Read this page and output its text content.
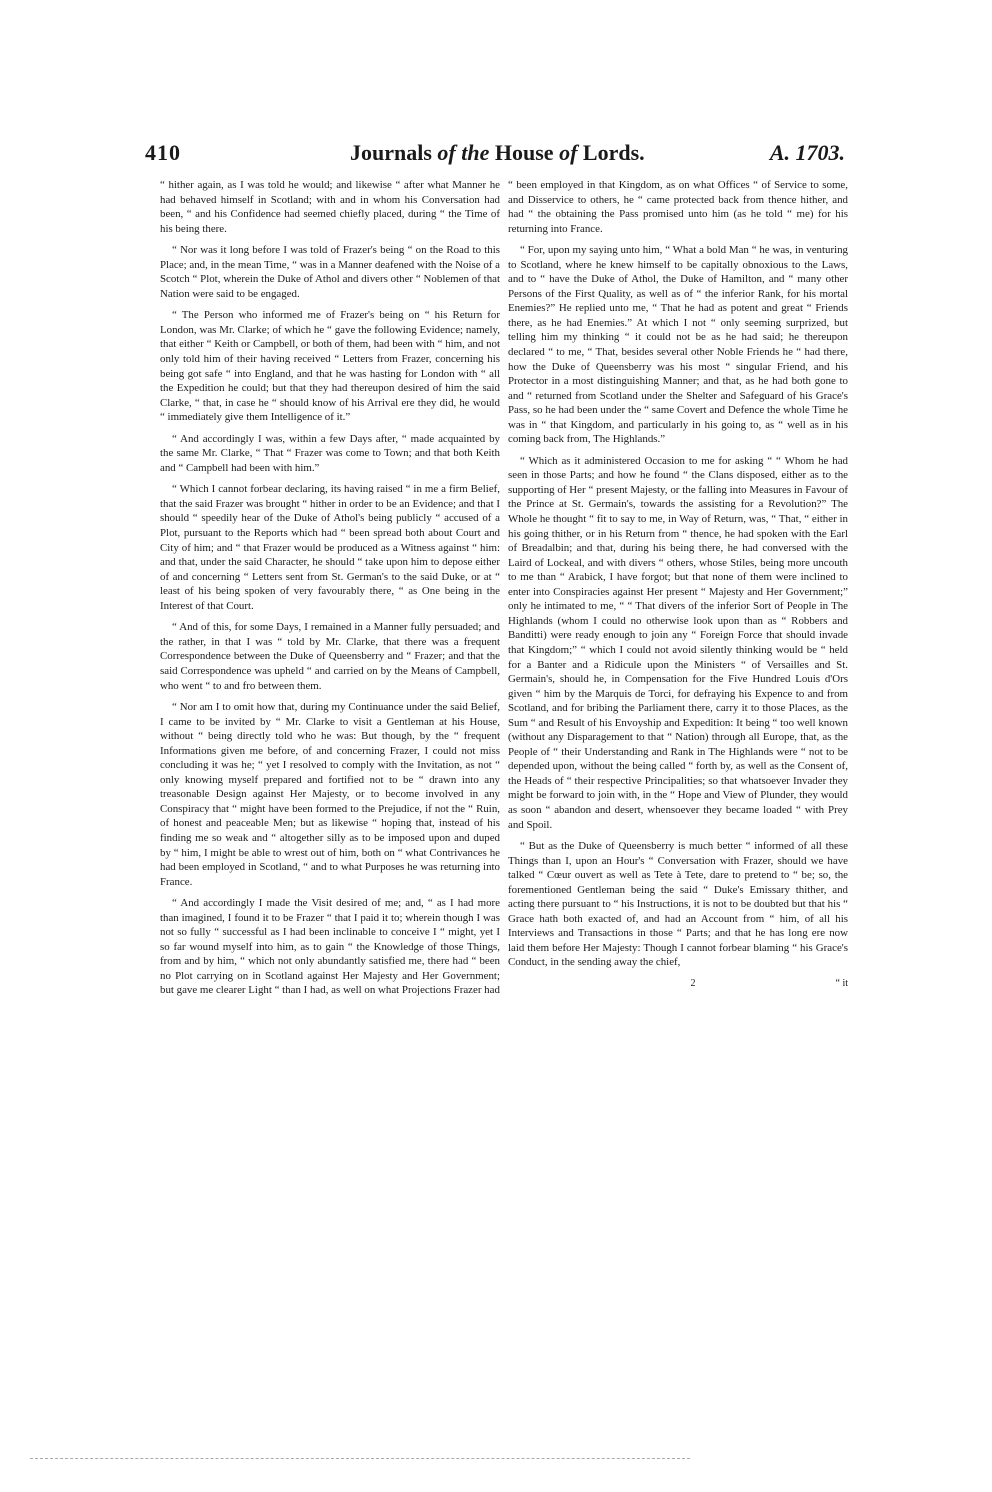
410	Journals of the House of Lords.	A. 1703.

“ hither again, as I was told he would; and likewise “ after what Manner he had behaved himself in Scotland; with and in whom his Conversation had been, “ and his Confidence had seemed chiefly placed, during “ the Time of his being there.

“ Nor was it long before I was told of Frazer's being “ on the Road to this Place; and, in the mean Time, “ was in a Manner deafened with the Noise of a Scotch “ Plot, wherein the Duke of Athol and divers other “ Noblemen of that Nation were said to be engaged.

“ The Person who informed me of Frazer's being on “ his Return for London, was Mr. Clarke; of which he “ gave the following Evidence; namely, that either “ Keith or Campbell, or both of them, had been with “ him, and not only told him of their having received “ Letters from Frazer, concerning his being got safe “ into England, and that he was hasting for London with “ all the Expedition he could; but that they had thereupon desired of him the said Clarke, “ that, in case he “ should know of his Arrival ere they did, he would “ immediately give them Intelligence of it.”

“ And accordingly I was, within a few Days after, “ made acquainted by the same Mr. Clarke, “ That “ Frazer was come to Town; and that both Keith and “ Campbell had been with him.”

“ Which I cannot forbear declaring, its having raised “ in me a firm Belief, that the said Frazer was brought “ hither in order to be an Evidence; and that I should “ speedily hear of the Duke of Athol's being publicly “ accused of a Plot, pursuant to the Reports which had “ been spread both about Court and City of him; and “ that Frazer would be produced as a Witness against “ him: and that, under the said Character, he should “ take upon him to depose either of and concerning “ Letters sent from St. German's to the said Duke, or at “ least of his being spoken of very favourably there, “ as One being in the Interest of that Court.

“ And of this, for some Days, I remained in a Manner fully persuaded; and the rather, in that I was “ told by Mr. Clarke, that there was a frequent Correspondence between the Duke of Queensberry and “ Frazer; and that the said Correspondence was upheld “ and carried on by the Means of Campbell, who went “ to and fro between them.

“ Nor am I to omit how that, during my Continuance under the said Belief, I came to be invited by “ Mr. Clarke to visit a Gentleman at his House, without “ being directly told who he was: But though, by the “ frequent Informations given me before, of and concerning Frazer, I could not miss concluding it was he; “ yet I resolved to comply with the Invitation, as not “ only knowing myself prepared and fortified not to be “ drawn into any treasonable Design against Her Majesty, or to become involved in any Conspiracy that “ might have been formed to the Prejudice, if not the “ Ruin, of honest and peaceable Men; but as likewise “ hoping that, instead of his finding me so weak and “ altogether silly as to be imposed upon and duped by “ him, I might be able to wrest out of him, both on “ what Contrivances he had been employed in Scotland, “ and to what Purposes he was returning into France.

“ And accordingly I made the Visit desired of me; and, “ as I had more than imagined, I found it to be Frazer “ that I paid it to; wherein though I was not so fully “ successful as I had been inclinable to conceive I “ might, yet I so far wound myself into him, as to gain “ the Knowledge of those Things, from and by him, “ which not only abundantly satisfied me, there had “ been no Plot carrying on in Scotland against Her Majesty and Her Government; but gave me clearer Light “ than I had, as well on what Projections Frazer had

“ been employed in that Kingdom, as on what Offices “ of Service to some, and Disservice to others, he “ came protected back from thence hither, and had “ the obtaining the Pass promised unto him (as he told “ me) for his returning into France.

“ For, upon my saying unto him, “ What a bold Man “ he was, in venturing to Scotland, where he knew himself to be capitally obnoxious to the Laws, and to “ have the Duke of Athol, the Duke of Hamilton, and “ many other Persons of the First Quality, as well as of “ the inferior Rank, for his mortal Enemies?” He replied unto me, “ That he had as potent and great “ Friends there, as he had Enemies.” At which I not “ only seeming surprized, but telling him my thinking “ it could not be as he had said; he thereupon declared “ to me, “ That, besides several other Noble Friends he “ had there, how the Duke of Queensberry was his most “ singular Friend, and his Protector in a most distinguishing Manner; and that, as he had both gone to and “ returned from Scotland under the Shelter and Safeguard of his Grace's Pass, so he had been under the “ same Covert and Defence the whole Time he was in “ that Kingdom, and particularly in his going to, as “ well as in his coming back from, The Highlands.”

“ Which as it administered Occasion to me for asking “ “ Whom he had seen in those Parts; and how he found “ the Clans disposed, either as to the supporting of Her “ present Majesty, or the falling into Measures in Favour of the Prince at St. Germain's, towards the assisting for a Revolution?” The Whole he thought “ fit to say to me, in Way of Return, was, “ That, “ either in his going thither, or in his Return from “ thence, he had spoken with the Earl of Breadalbin; and that, during his being there, he had conversed with the Laird of Lockeal, and with divers “ others, whose Stiles, being more uncouth to me than “ Arabick, I have forgot; but that none of them were inclined to enter into Conspiracies against Her present “ Majesty and Her Government;” only he intimated to me, “ “ That divers of the inferior Sort of People in The Highlands (whom I could no otherwise look upon than as “ Robbers and Banditti) were ready enough to join any “ Foreign Force that should invade that Kingdom;” “ which I could not avoid silently thinking would be “ held for a Banter and a Ridicule upon the Ministers “ of Versailles and St. Germain's, should he, in Compensation for the Five Hundred Louis d'Ors given “ him by the Marquis de Torci, for defraying his Expence to and from Scotland, and for bribing the Parliament there, carry it to those Places, as the Sum “ and Result of his Envoyship and Expedition: It being “ too well known (without any Disparagement to that “ Nation) through all Europe, that, as the People of “ their Understanding and Rank in The Highlands were “ not to be depended upon, without the being called “ forth by, as well as the Consent of, the Heads of “ their respective Principalities; so that whatsoever Invader they might be forward to join with, in the “ Hope and View of Plunder, they would as soon “ abandon and desert, whensoever they became loaded “ with Prey and Spoil.

“ But as the Duke of Queensberry is much better “ informed of all these Things than I, upon an Hour's “ Conversation with Frazer, should we have talked “ Cœur ouvert as well as Tete à Tete, dare to pretend to “ be; so, the forementioned Gentleman being the said “ Duke's Emissary thither, and acting there pursuant to “ his Instructions, it is not to be doubted but that his “ Grace hath both exacted of, and had an Account from “ him, of all his Interviews and Transactions in those “ Parts; and that he has long ere now laid them before Her Majesty: Though I cannot forbear blaming “ his Grace's Conduct, in the sending away the chief,

2	“ it
